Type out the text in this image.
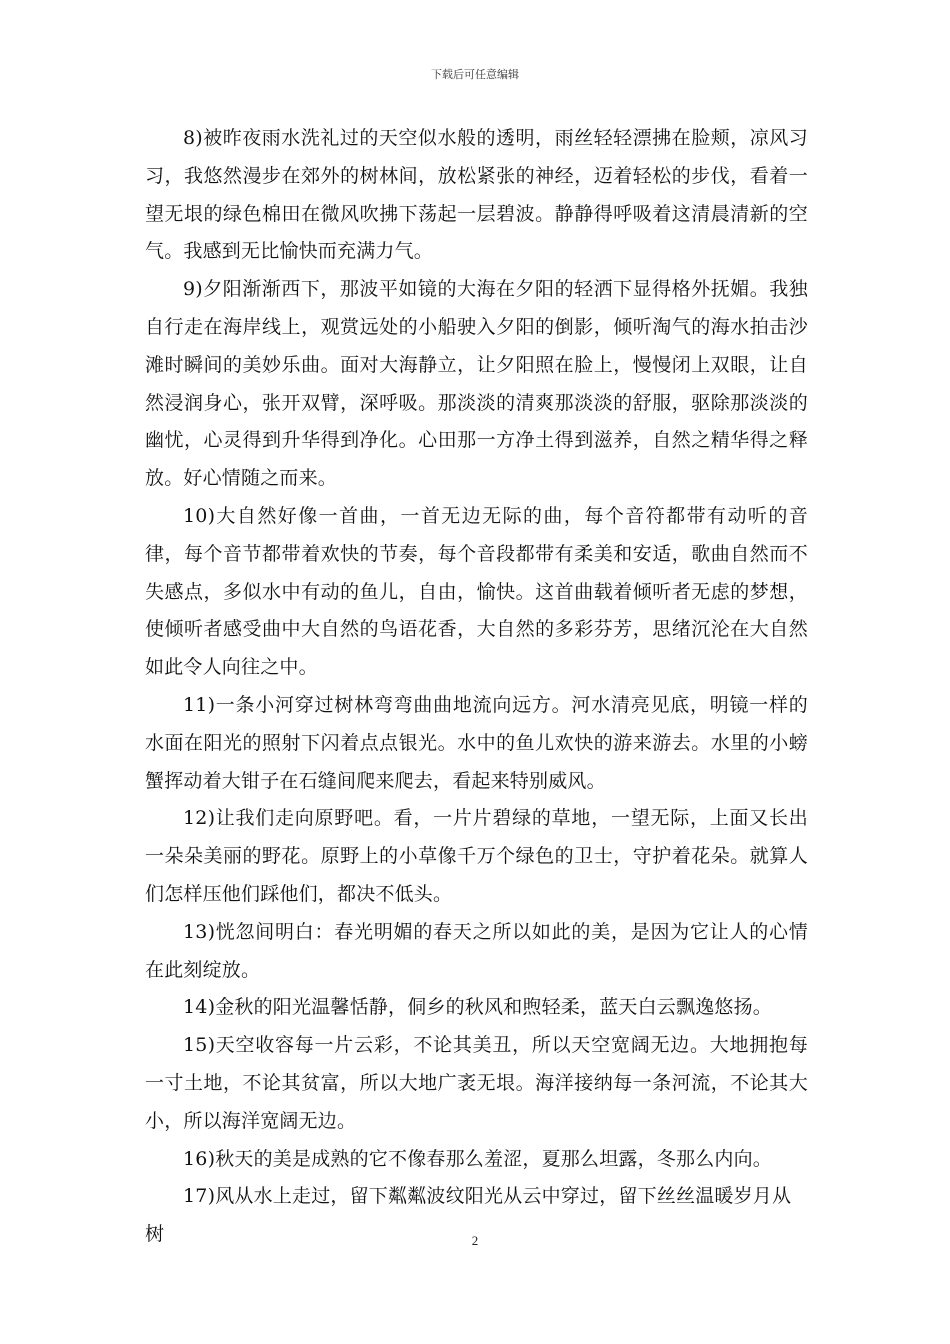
下载后可任意编辑

8)被昨夜雨水洗礼过的天空似水般的透明，雨丝轻轻漂拂在脸颊，凉风习习，我悠然漫步在郊外的树林间，放松紧张的神经，迈着轻松的步伐，看着一望无垠的绿色棉田在微风吹拂下荡起一层碧波。静静得呼吸着这清晨清新的空气。我感到无比愉快而充满力气。

9)夕阳渐渐西下，那波平如镜的大海在夕阳的轻洒下显得格外抚媚。我独自行走在海岸线上，观赏远处的小船驶入夕阳的倒影，倾听淘气的海水拍击沙滩时瞬间的美妙乐曲。面对大海静立，让夕阳照在脸上，慢慢闭上双眼，让自然浸润身心，张开双臂，深呼吸。那淡淡的清爽那淡淡的舒服，驱除那淡淡的幽忧，心灵得到升华得到净化。心田那一方净土得到滋养，自然之精华得之释放。好心情随之而来。

10)大自然好像一首曲，一首无边无际的曲，每个音符都带有动听的音律，每个音节都带着欢快的节奏，每个音段都带有柔美和安适，歌曲自然而不失感点，多似水中有动的鱼儿，自由，愉快。这首曲载着倾听者无虑的梦想，使倾听者感受曲中大自然的鸟语花香，大自然的多彩芬芳，思绪沉沦在大自然如此令人向往之中。

11)一条小河穿过树林弯弯曲曲地流向远方。河水清亮见底，明镜一样的水面在阳光的照射下闪着点点银光。水中的鱼儿欢快的游来游去。水里的小螃蟹挥动着大钳子在石缝间爬来爬去，看起来特别威风。

12)让我们走向原野吧。看，一片片碧绿的草地，一望无际，上面又长出一朵朵美丽的野花。原野上的小草像千万个绿色的卫士，守护着花朵。就算人们怎样压他们踩他们，都决不低头。

13)恍忽间明白：春光明媚的春天之所以如此的美，是因为它让人的心情在此刻绽放。

14)金秋的阳光温馨恬静，侗乡的秋风和煦轻柔，蓝天白云飘逸悠扬。

15)天空收容每一片云彩，不论其美丑，所以天空宽阔无边。大地拥抱每一寸土地，不论其贫富，所以大地广袤无垠。海洋接纳每一条河流，不论其大小，所以海洋宽阔无边。

16)秋天的美是成熟的它不像春那么羞涩，夏那么坦露，冬那么内向。

17)风从水上走过，留下粼粼波纹阳光从云中穿过，留下丝丝温暖岁月从树	2
